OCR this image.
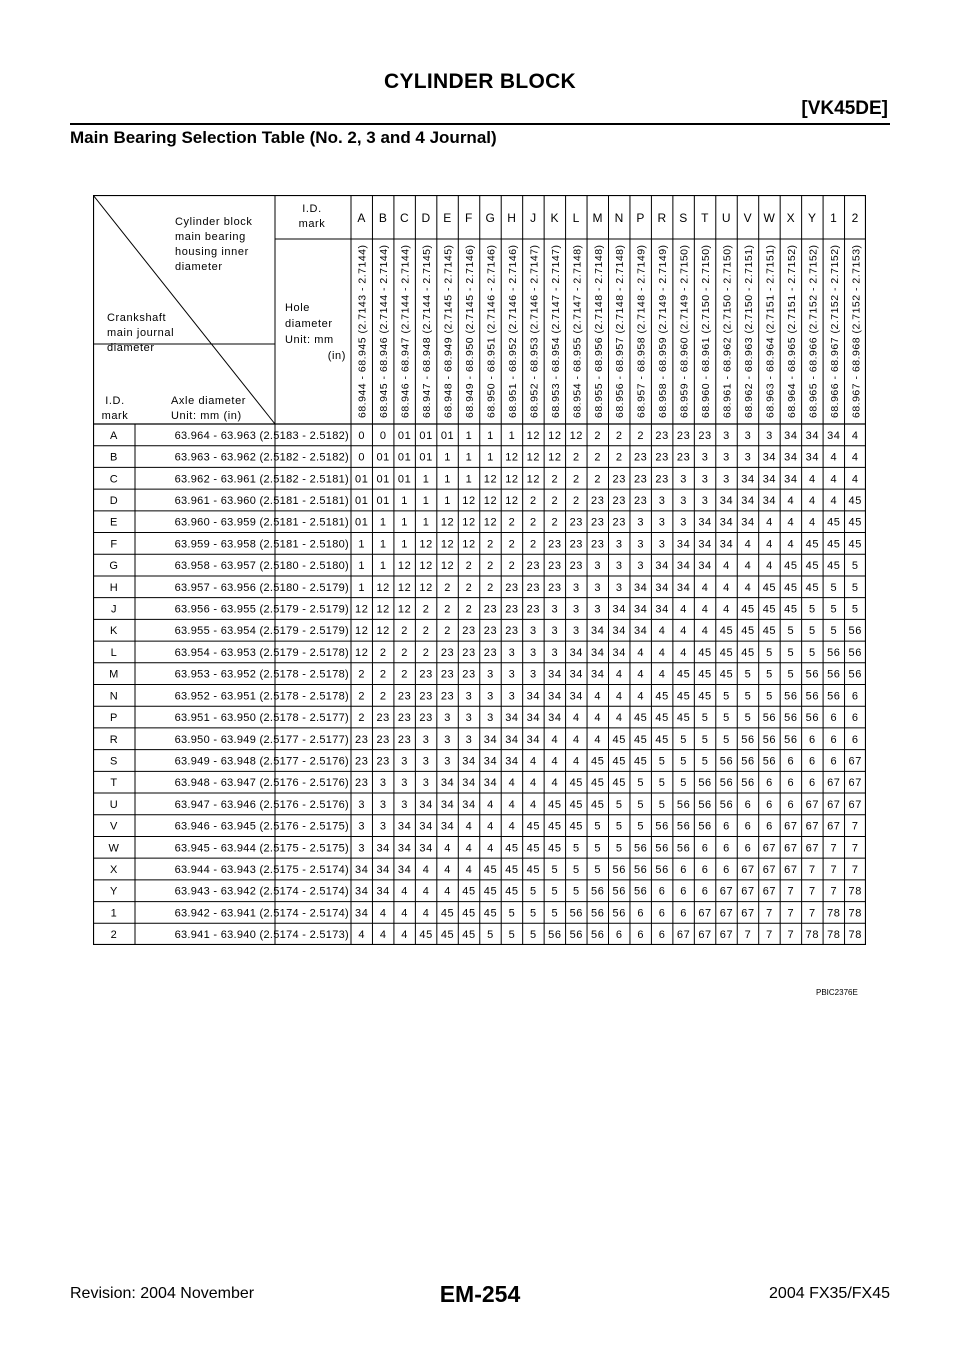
CYLINDER BLOCK
[VK45DE]
Main Bearing Selection Table (No. 2, 3 and 4 Journal)
Cylinder block
main bearing
housing inner
diameter
Crankshaft
main journal
diameter
I.D.
mark
Axle diameter
Unit: mm (in)
I.D.
mark
Hole
diameter
Unit: mm
(in)
A
68.944 - 68.945 (2.7143 - 2.7144)
B
68.945 - 68.946 (2.7144 - 2.7144)
C
68.946 - 68.947 (2.7144 - 2.7144)
D
68.947 - 68.948 (2.7144 - 2.7145)
E
68.948 - 68.949 (2.7145 - 2.7145)
F
68.949 - 68.950 (2.7145 - 2.7146)
G
68.950 - 68.951 (2.7146 - 2.7146)
H
68.951 - 68.952 (2.7146 - 2.7146)
J
68.952 - 68.953 (2.7146 - 2.7147)
K
68.953 - 68.954 (2.7147 - 2.7147)
L
68.954 - 68.955 (2.7147 - 2.7148)
M
68.955 - 68.956 (2.7148 - 2.7148)
N
68.956 - 68.957 (2.7148 - 2.7148)
P
68.957 - 68.958 (2.7148 - 2.7149)
R
68.958 - 68.959 (2.7149 - 2.7149)
S
68.959 - 68.960 (2.7149 - 2.7150)
T
68.960 - 68.961 (2.7150 - 2.7150)
U
68.961 - 68.962 (2.7150 - 2.7150)
V
68.962 - 68.963 (2.7150 - 2.7151)
W
68.963 - 68.964 (2.7151 - 2.7151)
X
68.964 - 68.965 (2.7151 - 2.7152)
Y
68.965 - 68.966 (2.7152 - 2.7152)
1
68.966 - 68.967 (2.7152 - 2.7152)
2
68.967 - 68.968 (2.7152 - 2.7153)
A	63.964 - 63.963 (2.5183 - 2.5182) 0 0 01 01 01 1 1 1 12 12 12 2 2 2 23 23 23 3 3 3 34 34 34 4
B	63.963 - 63.962 (2.5182 - 2.5182) 0 01 01 01 1 1 1 12 12 12 2 2 2 23 23 23 3 3 3 34 34 34 4 4
C	63.962 - 63.961 (2.5182 - 2.5181) 01 01 01 1 1 1 12 12 12 2 2 2 23 23 23 3 3 3 34 34 34 4 4 4
D	63.961 - 63.960 (2.5181 - 2.5181) 01 01 1 1 1 12 12 12 2 2 2 23 23 23 3 3 3 34 34 34 4 4 4 45
E	63.960 - 63.959 (2.5181 - 2.5181) 01 1 1 1 12 12 12 2 2 2 23 23 23 3 3 3 34 34 34 4 4 4 45 45
F	63.959 - 63.958 (2.5181 - 2.5180) 1 1 1 12 12 12 2 2 2 23 23 23 3 3 3 34 34 34 4 4 4 45 45 45
G	63.958 - 63.957 (2.5180 - 2.5180) 1 1 12 12 12 2 2 2 23 23 23 3 3 3 34 34 34 4 4 4 45 45 45 5
H	63.957 - 63.956 (2.5180 - 2.5179) 1 12 12 12 2 2 2 23 23 23 3 3 3 34 34 34 4 4 4 45 45 45 5 5
J	63.956 - 63.955 (2.5179 - 2.5179) 12 12 12 2 2 2 23 23 23 3 3 3 34 34 34 4 4 4 45 45 45 5 5 5
K	63.955 - 63.954 (2.5179 - 2.5179) 12 12 2 2 2 23 23 23 3 3 3 34 34 34 4 4 4 45 45 45 5 5 5 56
L	63.954 - 63.953 (2.5179 - 2.5178) 12 2 2 2 23 23 23 3 3 3 34 34 34 4 4 4 45 45 45 5 5 5 56 56
M	63.953 - 63.952 (2.5178 - 2.5178) 2 2 2 23 23 23 3 3 3 34 34 34 4 4 4 45 45 45 5 5 5 56 56 56
N	63.952 - 63.951 (2.5178 - 2.5178) 2 2 23 23 23 3 3 3 34 34 34 4 4 4 45 45 45 5 5 5 56 56 56 6
P	63.951 - 63.950 (2.5178 - 2.5177) 2 23 23 23 3 3 3 34 34 34 4 4 4 45 45 45 5 5 5 56 56 56 6 6
R	63.950 - 63.949 (2.5177 - 2.5177) 23 23 23 3 3 3 34 34 34 4 4 4 45 45 45 5 5 5 56 56 56 6 6 6
S	63.949 - 63.948 (2.5177 - 2.5176) 23 23 3 3 3 34 34 34 4 4 4 45 45 45 5 5 5 56 56 56 6 6 6 67
T	63.948 - 63.947 (2.5176 - 2.5176) 23 3 3 3 34 34 34 4 4 4 45 45 45 5 5 5 56 56 56 6 6 6 67 67
U	63.947 - 63.946 (2.5176 - 2.5176) 3 3 3 34 34 34 4 4 4 45 45 45 5 5 5 56 56 56 6 6 6 67 67 67
V	63.946 - 63.945 (2.5176 - 2.5175) 3 3 34 34 34 4 4 4 45 45 45 5 5 5 56 56 56 6 6 6 67 67 67 7
W	63.945 - 63.944 (2.5175 - 2.5175) 3 34 34 34 4 4 4 45 45 45 5 5 5 56 56 56 6 6 6 67 67 67 7 7
X	63.944 - 63.943 (2.5175 - 2.5174) 34 34 34 4 4 4 45 45 45 5 5 5 56 56 56 6 6 6 67 67 67 7 7 7
Y	63.943 - 63.942 (2.5174 - 2.5174) 34 34 4 4 4 45 45 45 5 5 5 56 56 56 6 6 6 67 67 67 7 7 7 78
1	63.942 - 63.941 (2.5174 - 2.5174) 34 4 4 4 45 45 45 5 5 5 56 56 56 6 6 6 67 67 67 7 7 7 78 78
2	63.941 - 63.940 (2.5174 - 2.5173) 4 4 4 45 45 45 5 5 5 56 56 56 6 6 6 67 67 67 7 7 7 78 78 78
PBIC2376E
EM-254
Revision: 2004 November	2004 FX35/FX45
